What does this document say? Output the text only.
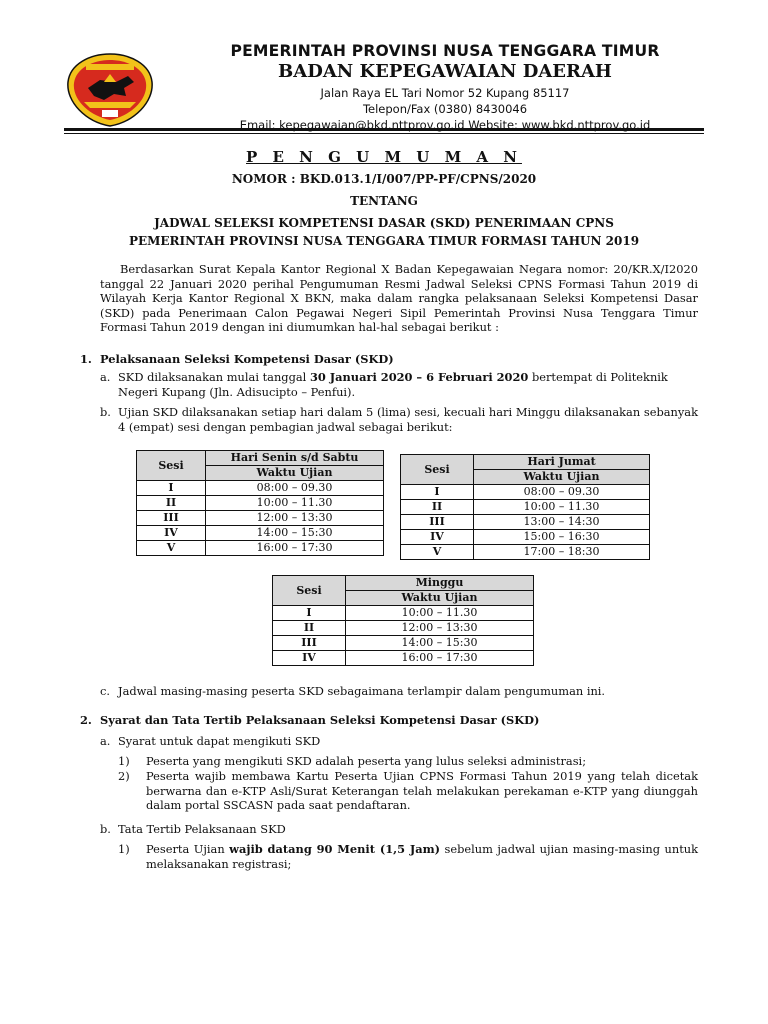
PEMERINTAH PROVINSI NUSA TENGGARA TIMUR
BADAN KEPEGAWAIAN DAERAH
Jalan Raya EL Tari Nomor 52 Kupang 85117
Telepon/Fax (0380) 8430046
Email: kepegawaian@bkd.nttprov.go.id Website: www.bkd.nttprov.go.id
P E N G U M U M A N
NOMOR : BKD.013.1/I/007/PP-PF/CPNS/2020
TENTANG
JADWAL SELEKSI KOMPETENSI DASAR (SKD) PENERIMAAN CPNS
PEMERINTAH PROVINSI NUSA TENGGARA TIMUR FORMASI TAHUN 2019
Berdasarkan Surat Kepala Kantor Regional X Badan Kepegawaian Negara nomor: 20/KR.X/I2020 tanggal 22 Januari 2020 perihal Pengumuman Resmi Jadwal Seleksi CPNS Formasi Tahun 2019 di Wilayah Kerja Kantor Regional X BKN, maka dalam rangka pelaksanaan Seleksi Kompetensi Dasar (SKD) pada Penerimaan Calon Pegawai Negeri Sipil Pemerintah Provinsi Nusa Tenggara Timur Formasi Tahun 2019 dengan ini diumumkan hal-hal sebagai berikut :
1. Pelaksanaan Seleksi Kompetensi Dasar (SKD)
a. SKD dilaksanakan mulai tanggal 30 Januari 2020 – 6 Februari 2020 bertempat di Politeknik
Negeri Kupang (Jln. Adisucipto – Penfui).
b. Ujian SKD dilaksanakan setiap hari dalam 5 (lima) sesi, kecuali hari Minggu dilaksanakan sebanyak 4 (empat) sesi dengan pembagian jadwal sebagai berikut:
Sesi	Hari Senin s/d Sabtu
	Waktu Ujian
I	08:00 – 09.30
II	10:00 – 11.30
III	12:00 – 13:30
IV	14:00 – 15:30
V	16:00 – 17:30
Sesi	Hari Jumat
	Waktu Ujian
I	08:00 – 09.30
II	10:00 – 11.30
III	13:00 – 14:30
IV	15:00 – 16:30
V	17:00 – 18:30
Sesi	Minggu
	Waktu Ujian
I	10:00 – 11.30
II	12:00 – 13:30
III	14:00 – 15:30
IV	16:00 – 17:30
c. Jadwal masing-masing peserta SKD sebagaimana terlampir dalam pengumuman ini.
2. Syarat dan Tata Tertib Pelaksanaan Seleksi Kompetensi Dasar (SKD)
a. Syarat untuk dapat mengikuti SKD
1) Peserta yang mengikuti SKD adalah peserta yang lulus seleksi administrasi;
2) Peserta wajib membawa Kartu Peserta Ujian CPNS Formasi Tahun 2019 yang telah dicetak berwarna dan e-KTP Asli/Surat Keterangan telah melakukan perekaman e-KTP yang diunggah dalam portal SSCASN pada saat pendaftaran.
b. Tata Tertib Pelaksanaan SKD
1) Peserta Ujian wajib datang 90 Menit (1,5 Jam) sebelum jadwal ujian masing-masing untuk melaksanakan registrasi;
